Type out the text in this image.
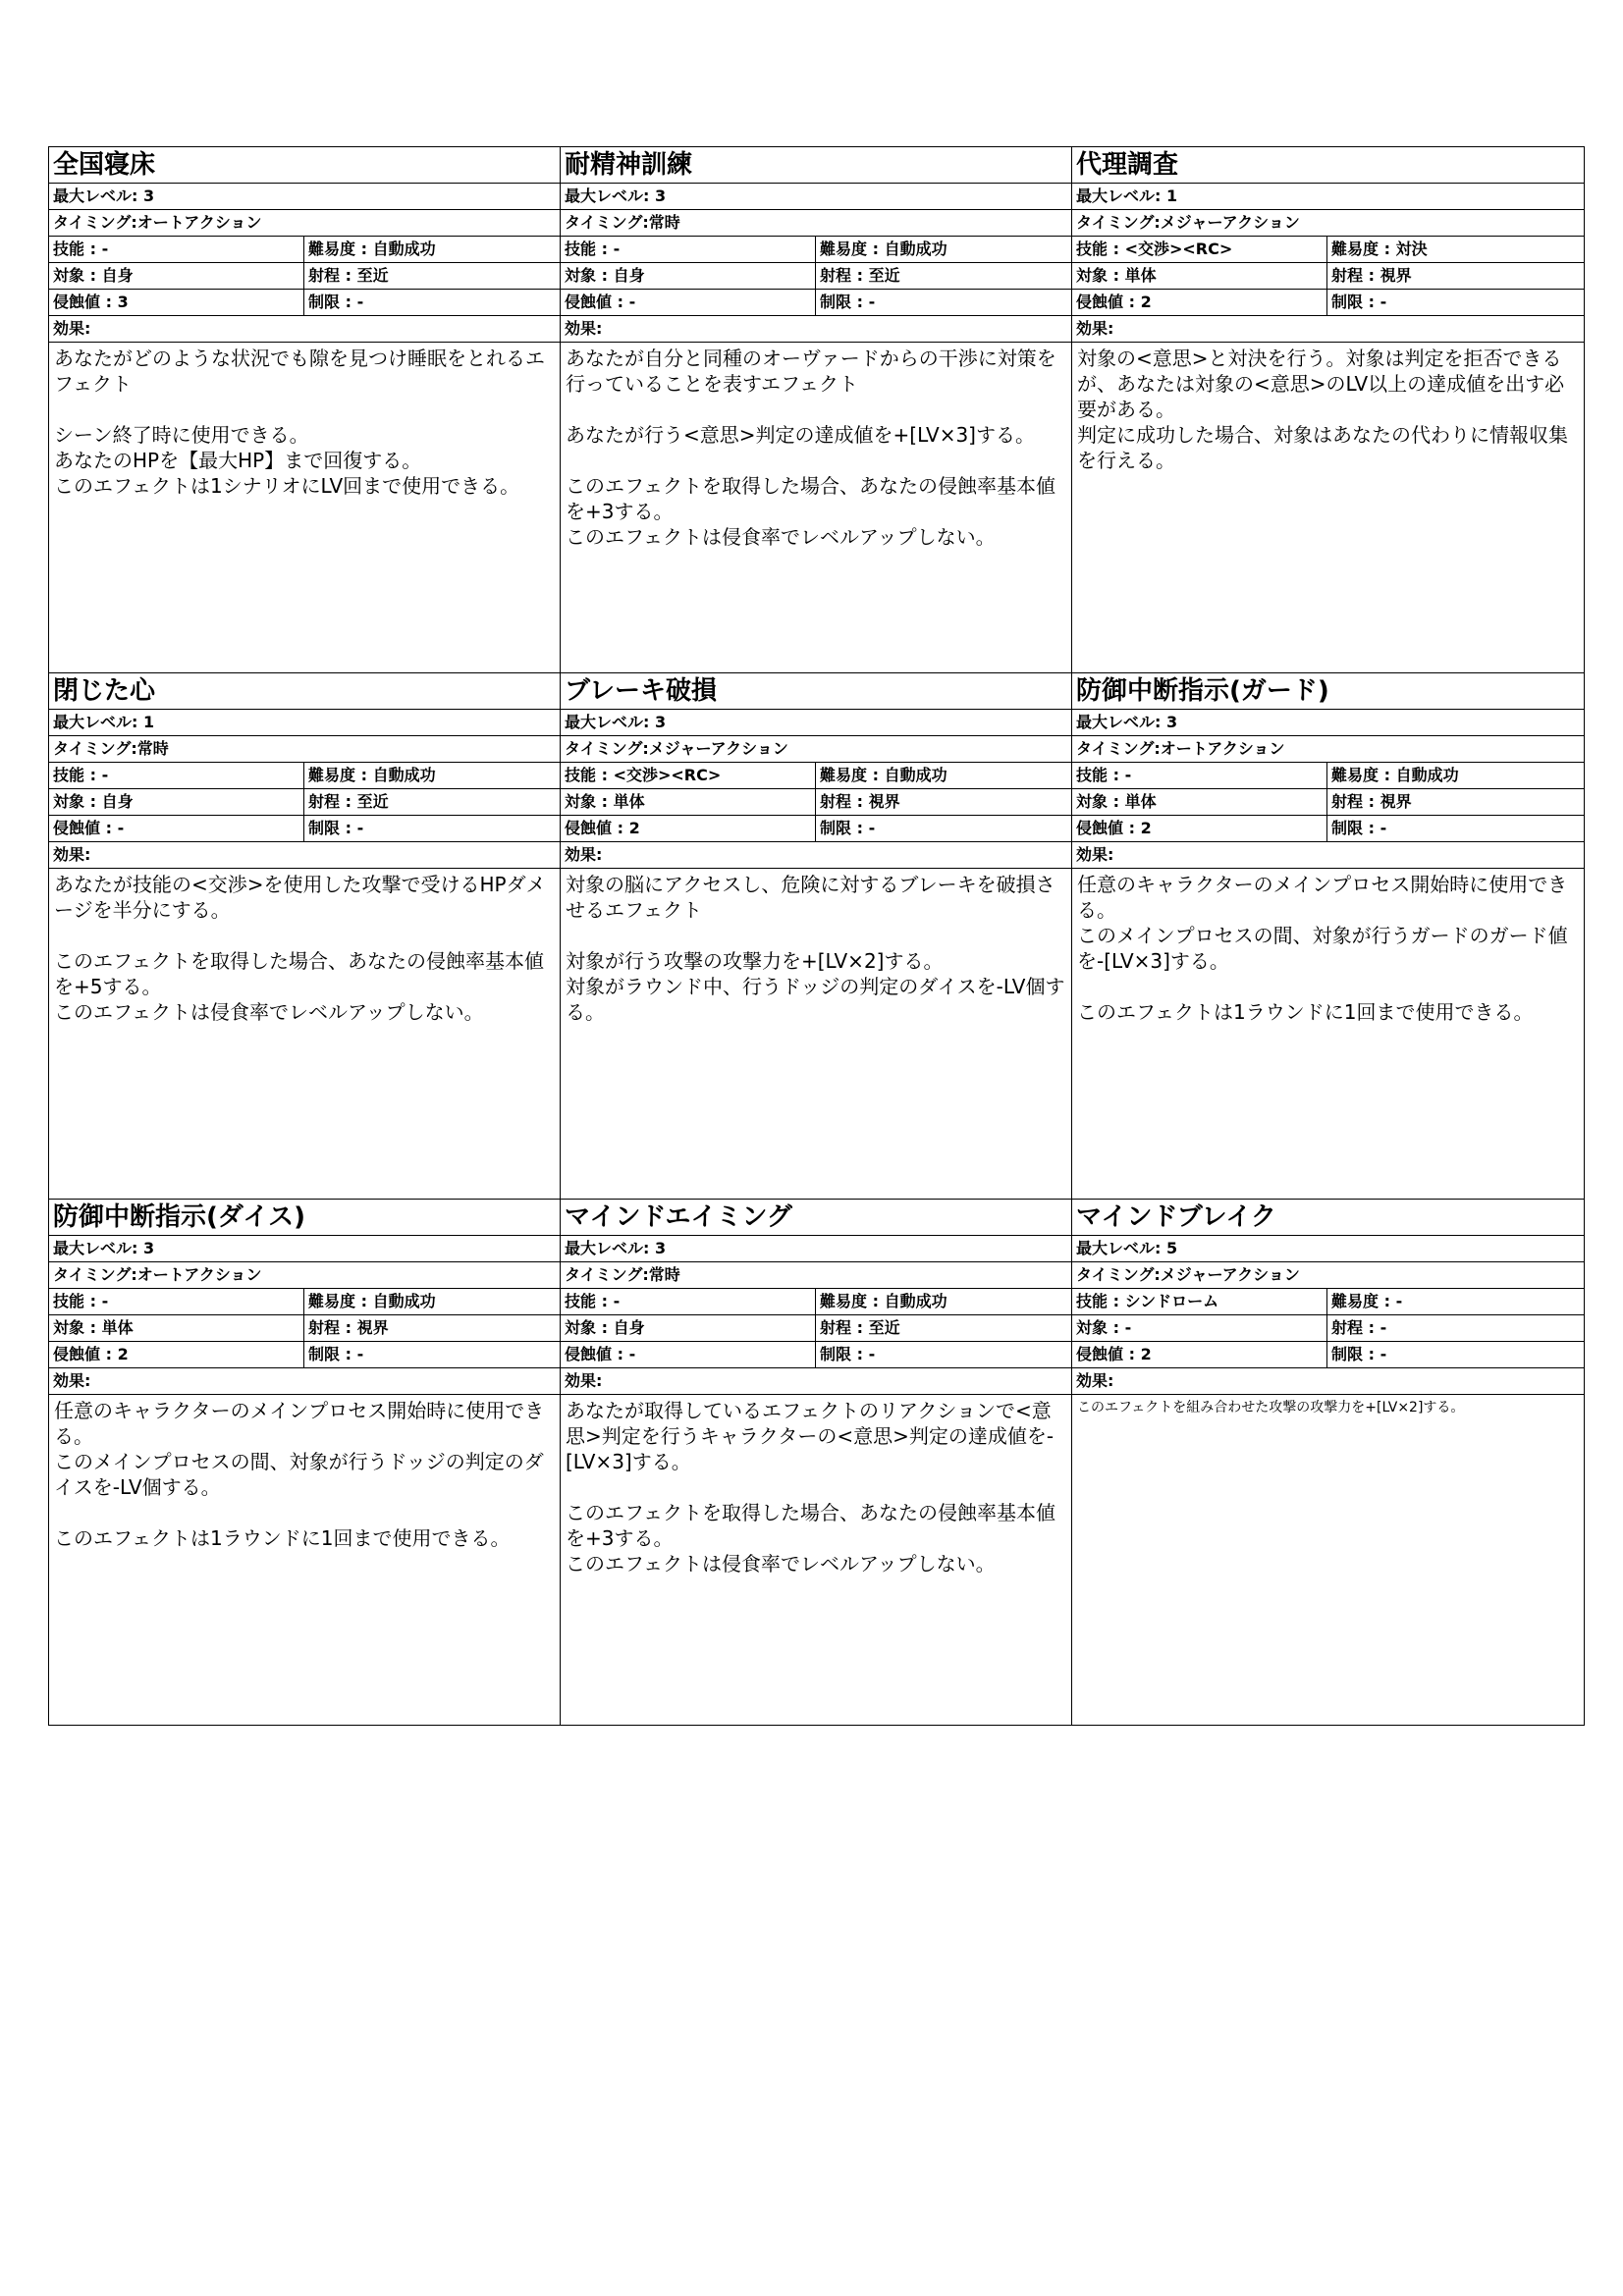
全国寝床
最大レベル: 3
タイミング:オートアクション
技能 : -	難易度 : 自動成功
対象 : 自身	射程 : 至近
侵蝕値 : 3	制限 : -
効果:
あなたがどのような状況でも隙を見つけ睡眠をとれるエフェクト

シーン終了時に使用できる。
あなたのHPを【最大HP】まで回復する。
このエフェクトは1シナリオにLV回まで使用できる。
耐精神訓練
最大レベル: 3
タイミング:常時
技能 : -	難易度 : 自動成功
対象 : 自身	射程 : 至近
侵蝕値 : -	制限 : -
効果:
あなたが自分と同種のオーヴァードからの干渉に対策を行っていることを表すエフェクト

あなたが行う<意思>判定の達成値を+[LV×3]する。

このエフェクトを取得した場合、あなたの侵蝕率基本値を+3する。
このエフェクトは侵食率でレベルアップしない。
代理調査
最大レベル: 1
タイミング:メジャーアクション
技能 : <交渉><RC>	難易度 : 対決
対象 : 単体	射程 : 視界
侵蝕値 : 2	制限 : -
効果:
対象の<意思>と対決を行う。対象は判定を拒否できるが、あなたは対象の<意思>のLV以上の達成値を出す必要がある。
判定に成功した場合、対象はあなたの代わりに情報収集を行える。
閉じた心
最大レベル: 1
タイミング:常時
技能 : -	難易度 : 自動成功
対象 : 自身	射程 : 至近
侵蝕値 : -	制限 : -
効果:
あなたが技能の<交渉>を使用した攻撃で受けるHPダメージを半分にする。

このエフェクトを取得した場合、あなたの侵蝕率基本値を+5する。
このエフェクトは侵食率でレベルアップしない。
ブレーキ破損
最大レベル: 3
タイミング:メジャーアクション
技能 : <交渉><RC>	難易度 : 自動成功
対象 : 単体	射程 : 視界
侵蝕値 : 2	制限 : -
効果:
対象の脳にアクセスし、危険に対するブレーキを破損させるエフェクト

対象が行う攻撃の攻撃力を+[LV×2]する。
対象がラウンド中、行うドッジの判定のダイスを-LV個する。
防御中断指示(ガード)
最大レベル: 3
タイミング:オートアクション
技能 : -	難易度 : 自動成功
対象 : 単体	射程 : 視界
侵蝕値 : 2	制限 : -
効果:
任意のキャラクターのメインプロセス開始時に使用できる。
このメインプロセスの間、対象が行うガードのガード値を-[LV×3]する。

このエフェクトは1ラウンドに1回まで使用できる。
防御中断指示(ダイス)
最大レベル: 3
タイミング:オートアクション
技能 : -	難易度 : 自動成功
対象 : 単体	射程 : 視界
侵蝕値 : 2	制限 : -
効果:
任意のキャラクターのメインプロセス開始時に使用できる。
このメインプロセスの間、対象が行うドッジの判定のダイスを-LV個する。

このエフェクトは1ラウンドに1回まで使用できる。
マインドエイミング
最大レベル: 3
タイミング:常時
技能 : -	難易度 : 自動成功
対象 : 自身	射程 : 至近
侵蝕値 : -	制限 : -
効果:
あなたが取得しているエフェクトのリアクションで<意思>判定を行うキャラクターの<意思>判定の達成値を-[LV×3]する。

このエフェクトを取得した場合、あなたの侵蝕率基本値を+3する。
このエフェクトは侵食率でレベルアップしない。
マインドブレイク
最大レベル: 5
タイミング:メジャーアクション
技能 : シンドローム	難易度 : -
対象 : -	射程 : -
侵蝕値 : 2	制限 : -
効果:
このエフェクトを組み合わせた攻撃の攻撃力を+[LV×2]する。
